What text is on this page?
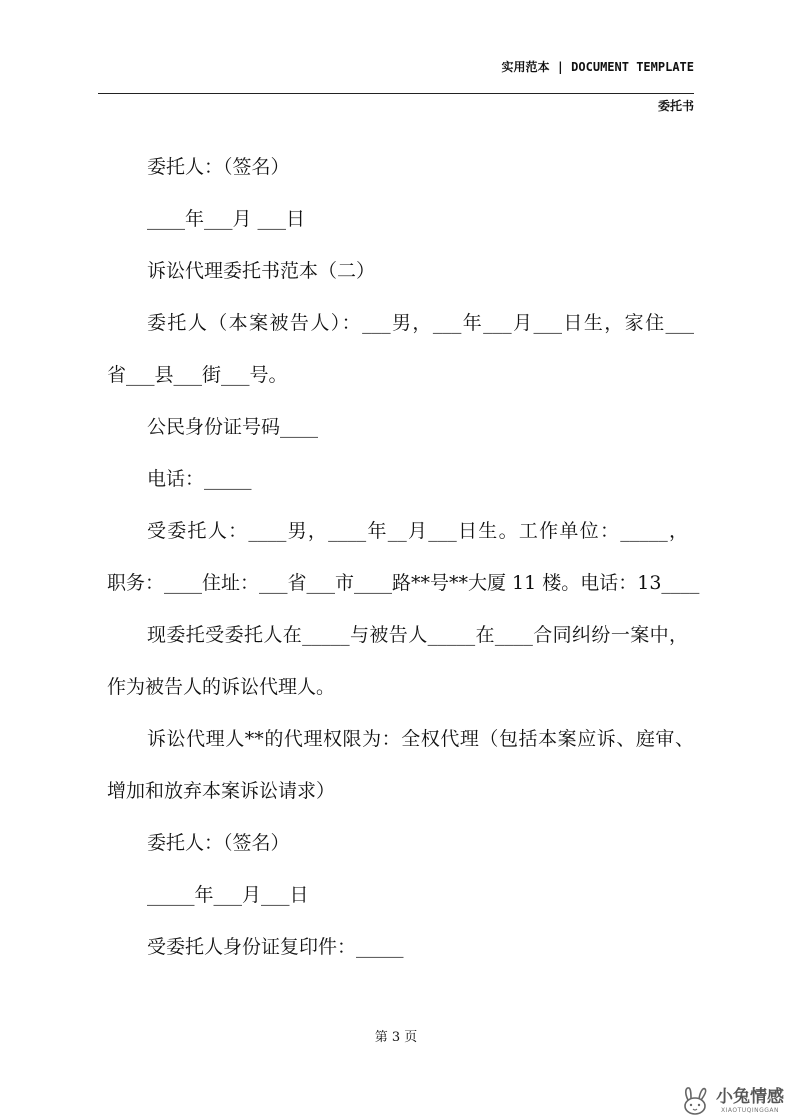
实用范本 | DOCUMENT TEMPLATE
委托书
委托人：（签名）
____年___月 ___日
诉讼代理委托书范本（二）
委托人（本案被告人）：___男，___年___月___日生，家住___
省___县___街___号。
公民身份证号码____
电话：_____
受委托人：____男，____年__月___日生。工作单位：_____，
职务：____住址：___省___市____路**号**大厦 11 楼。电话：13____
现委托受委托人在_____与被告人_____在____合同纠纷一案中，
作为被告人的诉讼代理人。
诉讼代理人**的代理权限为：全权代理（包括本案应诉、庭审、
增加和放弃本案诉讼请求）
委托人：（签名）
_____年___月___日
受委托人身份证复印件：_____
第 3 页
小兔情感
XIAOTUQINGGAN
